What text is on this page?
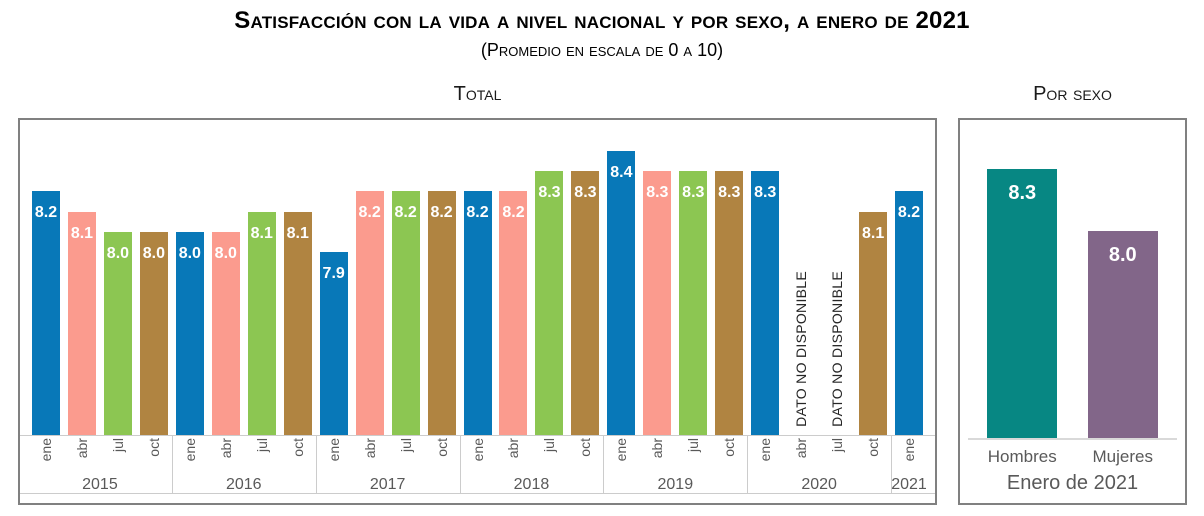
Satisfacción con la vida a nivel nacional y por sexo, a enero de 2021
(Promedio en escala de 0 a 10)
Total	Por sexo
8.2
8.1
8.0 8.0 8.0 8.0
8.1 8.1
7.9
8.2 8.2 8.2 8.2 8.2
8.3 8.3
8.4
8.3 8.3 8.3 8.3
DATO NO DISPONIBLE DATO NO DISPONIBLE
8.1
8.2
ene abr jul oct
2015
ene abr jul oct
2016
ene abr jul oct
2017
ene abr jul oct
2018
ene abr jul oct
2019
ene abr jul oct
2020
ene
2021
8.3
8.0
Hombres	Mujeres
Enero de 2021
